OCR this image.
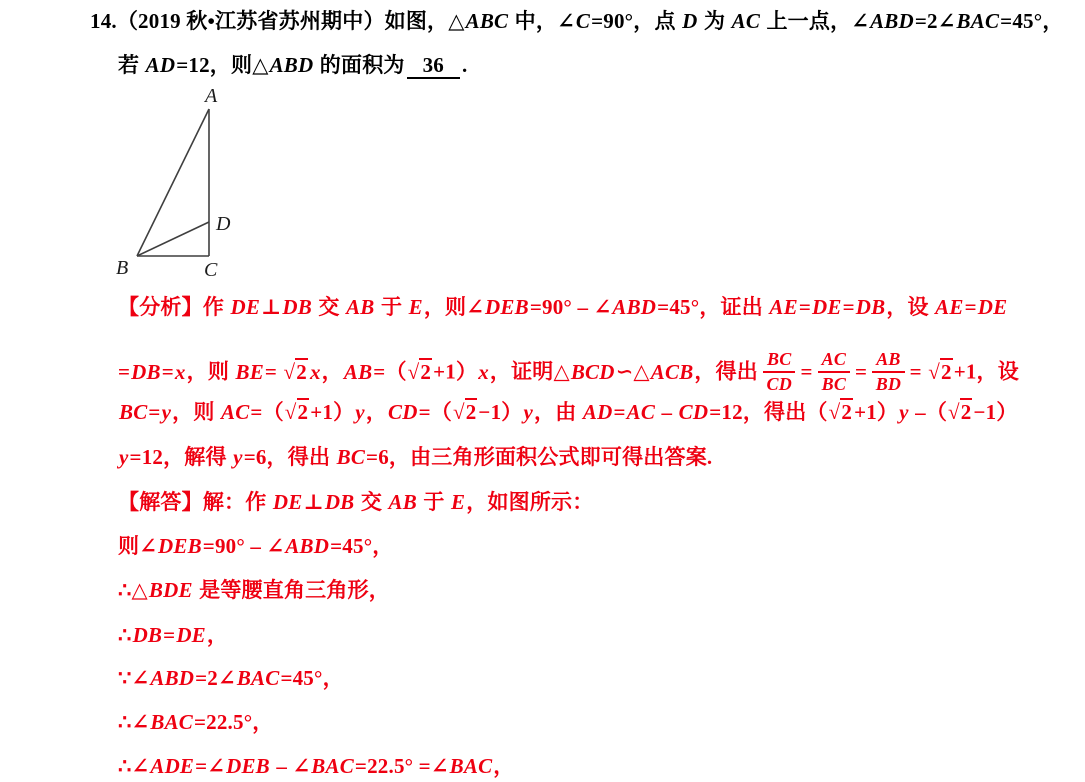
14.（2019 秋•江苏省苏州期中）如图，△ABC 中，∠C=90°，点 D 为 AC 上一点，∠ABD=2∠BAC=45°，
若 AD=12，则△ABD 的面积为 36 .
A
D
B	C
【分析】作 DE⊥DB 交 AB 于 E，则∠DEB=90° – ∠ABD=45°，证出 AE=DE=DB，设 AE=DE
=DB=x，则 BE= √2 x，AB=（√2+1）x，证明△BCD∽△ACB，得出 $\frac{BC}{CD} = \frac{AC}{BC} = \frac{AB}{BD} = √2+1$，设
BC=y，则 AC=（√2+1）y，CD=（√2−1）y，由 AD=AC – CD=12，得出（√2+1）y –（√2−1）
y=12，解得 y=6，得出 BC=6，由三角形面积公式即可得出答案.
【解答】解：作 DE⊥DB 交 AB 于 E，如图所示：
则∠DEB=90° – ∠ABD=45°，
∴△BDE 是等腰直角三角形，
∴DB=DE，
∵∠ABD=2∠BAC=45°，
∴∠BAC=22.5°，
∴∠ADE=∠DEB – ∠BAC=22.5° =∠BAC，
